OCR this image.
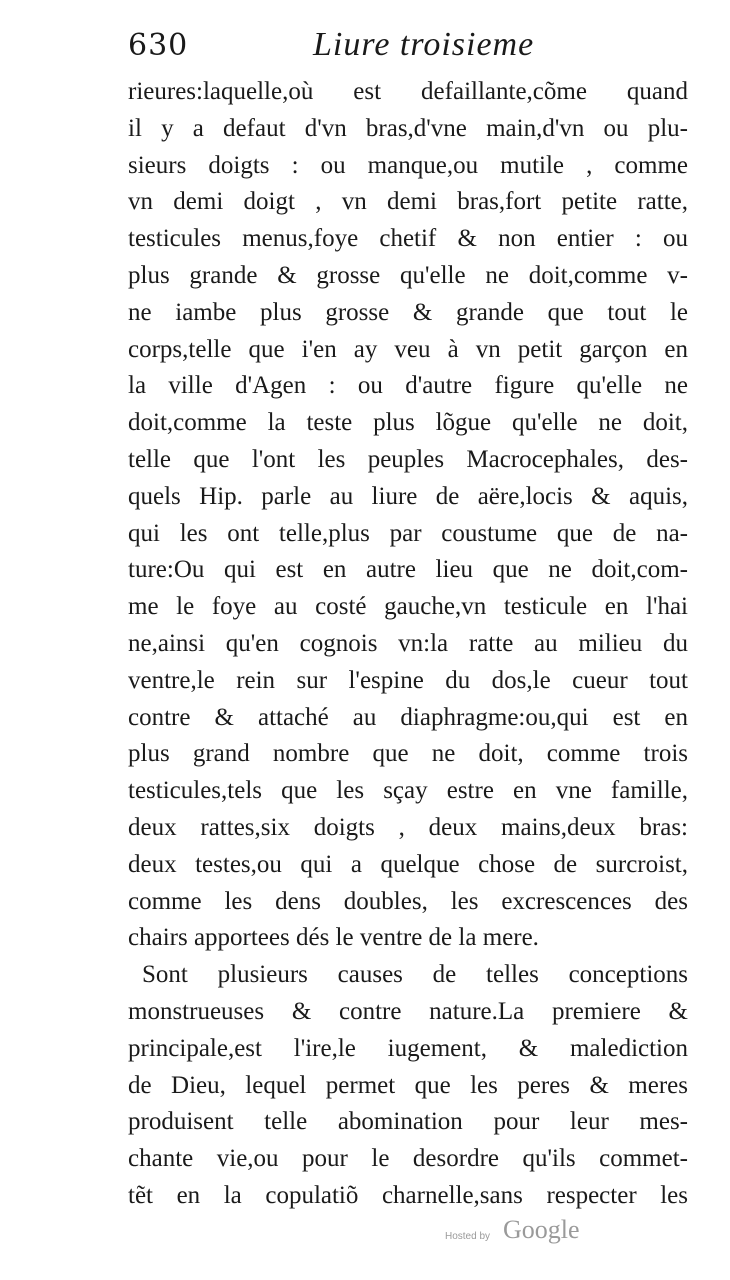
630	Liure troisieme
rieures:laquelle,où est defaillante,cõme quand
il y a defaut d'vn bras,d'vne main,d'vn ou plu-
sieurs doigts : ou manque,ou mutile , comme
vn demi doigt , vn demi bras,fort petite ratte,
testicules menus,foye chetif & non entier : ou
plus grande & grosse qu'elle ne doit,comme v-
ne iambe plus grosse & grande que tout le
corps,telle que i'en ay veu à vn petit garçon en
la ville d'Agen : ou d'autre figure qu'elle ne
doit,comme la teste plus lõgue qu'elle ne doit,
telle que l'ont les peuples Macrocephales, des-
quels Hip. parle au liure de aëre,locis & aquis,
qui les ont telle,plus par coustume que de na-
ture:Ou qui est en autre lieu que ne doit,com-
me le foye au costé gauche,vn testicule en l'hai
ne,ainsi qu'en cognois vn:la ratte au milieu du
ventre,le rein sur l'espine du dos,le cueur tout
contre & attaché au diaphragme:ou,qui est en
plus grand nombre que ne doit, comme trois
testicules,tels que les sçay estre en vne famille,
deux rattes,six doigts , deux mains,deux bras:
deux testes,ou qui a quelque chose de surcroist,
comme les dens doubles, les excrescences des
chairs apportees dés le ventre de la mere.
Sont plusieurs causes de telles conceptions
monstrueuses & contre nature.La premiere &
principale,est l'ire,le iugement, & malediction
de Dieu, lequel permet que les peres & meres
produisent telle abomination pour leur mes-
chante vie,ou pour le desordre qu'ils commet-
tẽt en la copulatiõ charnelle,sans respecter les
Hosted by Google
